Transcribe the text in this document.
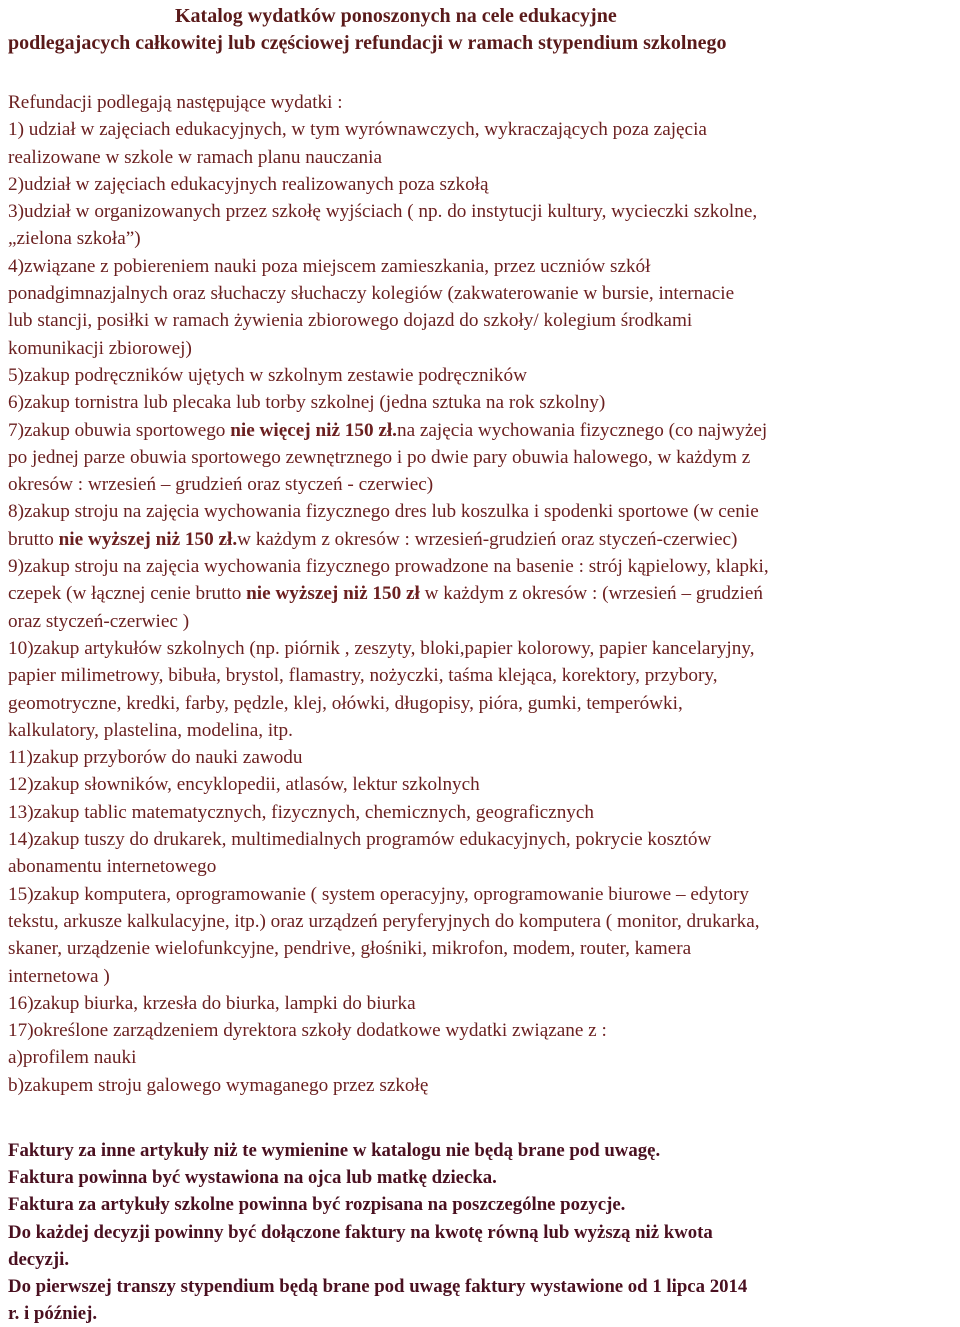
Katalog wydatków ponoszonych na cele edukacyjne
podlegajacych całkowitej lub częściowej refundacji w ramach stypendium szkolnego
Refundacji podlegają następujące wydatki :
1) udział w zajęciach edukacyjnych, w tym wyrównawczych, wykraczających poza zajęcia
realizowane w szkole w ramach planu nauczania
2)udział w zajęciach edukacyjnych realizowanych poza szkołą
3)udział w organizowanych przez szkołę wyjściach ( np. do instytucji kultury, wycieczki szkolne,
„zielona szkoła”)
4)związane z pobiereniem nauki poza miejscem zamieszkania, przez uczniów szkół
ponadgimnazjalnych oraz słuchaczy słuchaczy kolegiów (zakwaterowanie w bursie, internacie
lub stancji, posiłki w ramach żywienia zbiorowego dojazd do szkoły/ kolegium środkami
komunikacji zbiorowej)
5)zakup podręczników ujętych w szkolnym zestawie podręczników
6)zakup tornistra lub plecaka lub torby szkolnej (jedna sztuka na rok szkolny)
7)zakup obuwia sportowego nie więcej niż 150 zł.na zajęcia wychowania fizycznego (co najwyżej
po jednej parze obuwia sportowego zewnętrznego i po dwie pary obuwia halowego, w każdym z
okresów : wrzesień – grudzień oraz styczeń - czerwiec)
8)zakup stroju na zajęcia wychowania fizycznego dres lub koszulka i spodenki sportowe (w cenie
brutto nie wyższej niż 150 zł.w każdym z okresów : wrzesień-grudzień oraz styczeń-czerwiec)
9)zakup stroju na zajęcia wychowania fizycznego prowadzone na basenie : strój kąpielowy, klapki,
czepek (w łącznej cenie brutto nie wyższej niż 150 zł w każdym z okresów : (wrzesień – grudzień
oraz styczeń-czerwiec )
10)zakup artykułów szkolnych (np. piórnik , zeszyty, bloki,papier kolorowy, papier kancelaryjny,
papier milimetrowy, bibuła, brystol, flamastry, nożyczki, taśma klejąca, korektory, przybory,
geomotryczne, kredki, farby, pędzle, klej, ołówki, długopisy, pióra, gumki, temperówki,
kalkulatory, plastelina, modelina, itp.
11)zakup przyborów do nauki zawodu
12)zakup słowników, encyklopedii, atlasów, lektur szkolnych
13)zakup tablic matematycznych, fizycznych, chemicznych, geograficznych
14)zakup tuszy do drukarek, multimedialnych programów edukacyjnych, pokrycie kosztów
abonamentu internetowego
15)zakup komputera, oprogramowanie ( system operacyjny, oprogramowanie biurowe – edytory
tekstu, arkusze kalkulacyjne, itp.) oraz urządzeń peryferyjnych do komputera ( monitor, drukarka,
skaner, urządzenie wielofunkcyjne, pendrive, głośniki, mikrofon, modem, router, kamera
internetowa )
16)zakup biurka, krzesła do biurka, lampki do biurka
17)określone zarządzeniem dyrektora szkoły dodatkowe wydatki związane z :
a)profilem nauki
b)zakupem stroju galowego wymaganego przez szkołę
Faktury za inne artykuły niż te wymienine w katalogu nie będą brane pod uwagę.
Faktura powinna być wystawiona na ojca lub matkę dziecka.
Faktura za artykuły szkolne powinna być rozpisana na poszczególne pozycje.
Do każdej decyzji powinny być dołączone faktury na kwotę równą lub wyższą niż kwota
decyzji.
Do pierwszej transzy stypendium będą brane pod uwagę faktury wystawione od 1 lipca 2014
r. i później.
